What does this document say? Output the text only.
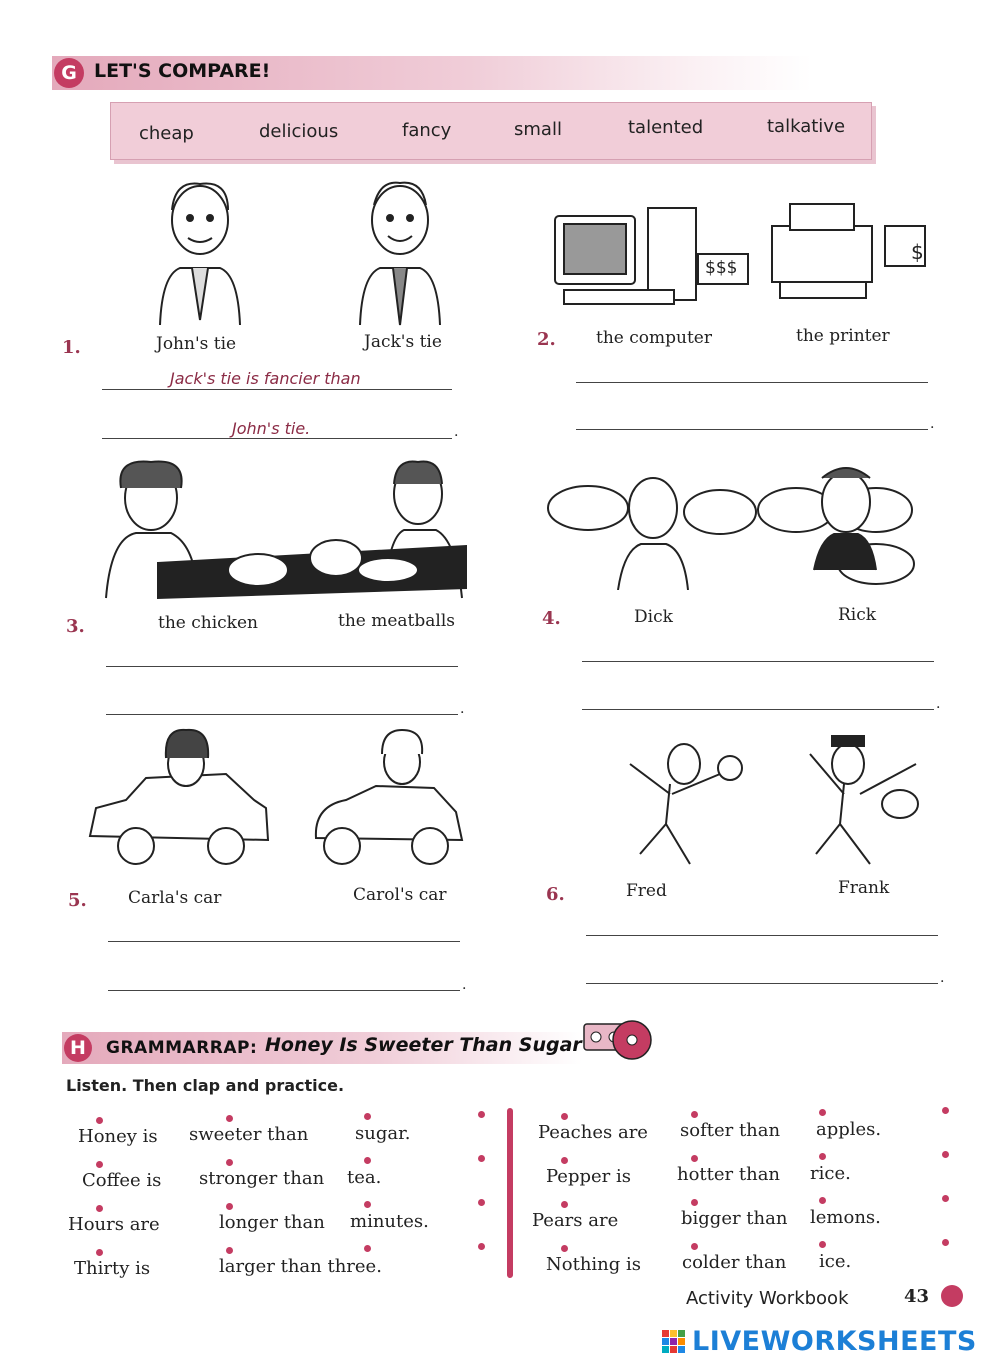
G LET'S COMPARE!
cheap	delicious	fancy	small	talented	talkative
1.	John's tie	Jack's tie
Jack's tie is fancier than
John's tie.	.
$$$
$
2. the computer	the printer
.
3.	the chicken	the meatballs
.
4.	Dick	Rick
.
5. Carla's car	Carol's car
.
6.	Fred	Frank
.
H	GRAMMARRAP: Honey Is Sweeter Than Sugar
Listen. Then clap and practice.
Honey is sweeter than	sugar.
Coffee is stronger than tea.
Hours are	longer than minutes.
Thirty is	larger than three.
Peaches are softer than apples.
Pepper is	hotter than rice.
Pears are	bigger than lemons.
Nothing is colder than ice.
Activity Workbook	43
LIVEWORKSHEETS
